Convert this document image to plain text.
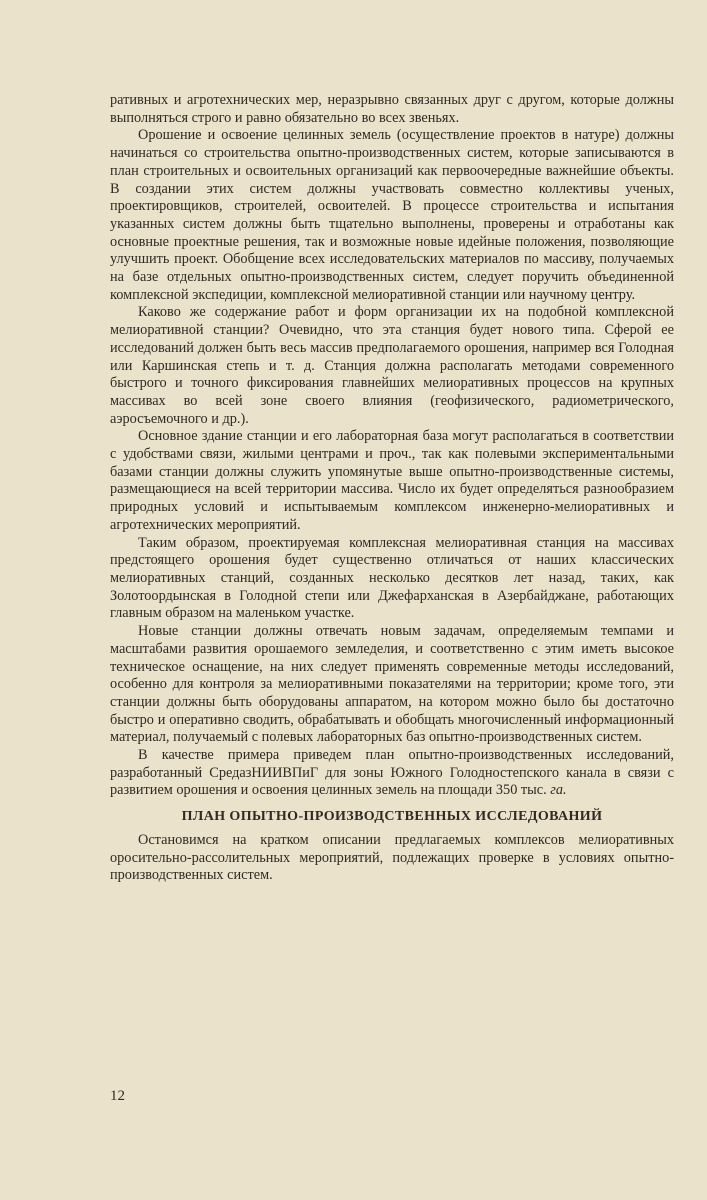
ративных и агротехнических мер, неразрывно связанных друг с другом, которые должны выполняться строго и равно обязательно во всех звеньях.

Орошение и освоение целинных земель (осуществление проектов в натуре) должны начинаться со строительства опытно-производственных систем, которые записываются в план строительных и освоительных организаций как первоочередные важнейшие объекты. В создании этих систем должны участвовать совместно коллективы ученых, проектировщиков, строителей, освоителей. В процессе строительства и испытания указанных систем должны быть тщательно выполнены, проверены и отработаны как основные проектные решения, так и возможные новые идейные положения, позволяющие улучшить проект. Обобщение всех исследовательских материалов по массиву, получаемых на базе отдельных опытно-производственных систем, следует поручить объединенной комплексной экспедиции, комплексной мелиоративной станции или научному центру.

Каково же содержание работ и форм организации их на подобной комплексной мелиоративной станции? Очевидно, что эта станция будет нового типа. Сферой ее исследований должен быть весь массив предполагаемого орошения, например вся Голодная или Каршинская степь и т. д. Станция должна располагать методами современного быстрого и точного фиксирования главнейших мелиоративных процессов на крупных массивах во всей зоне своего влияния (геофизического, радиометрического, аэросъемочного и др.).

Основное здание станции и его лабораторная база могут располагаться в соответствии с удобствами связи, жилыми центрами и проч., так как полевыми экспериментальными базами станции должны служить упомянутые выше опытно-производственные системы, размещающиеся на всей территории массива. Число их будет определяться разнообразием природных условий и испытываемым комплексом инженерно-мелиоративных и агротехнических мероприятий.

Таким образом, проектируемая комплексная мелиоративная станция на массивах предстоящего орошения будет существенно отличаться от наших классических мелиоративных станций, созданных несколько десятков лет назад, таких, как Золотоордынская в Голодной степи или Джефарханская в Азербайджане, работающих главным образом на маленьком участке.

Новые станции должны отвечать новым задачам, определяемым темпами и масштабами развития орошаемого земледелия, и соответственно с этим иметь высокое техническое оснащение, на них следует применять современные методы исследований, особенно для контроля за мелиоративными показателями на территории; кроме того, эти станции должны быть оборудованы аппаратом, на котором можно было бы достаточно быстро и оперативно сводить, обрабатывать и обобщать многочисленный информационный материал, получаемый с полевых лабораторных баз опытно-производственных систем.

В качестве примера приведем план опытно-производственных исследований, разработанный СредазНИИВПиГ для зоны Южного Голодностепского канала в связи с развитием орошения и освоения целинных земель на площади 350 тыс. га.

ПЛАН ОПЫТНО-ПРОИЗВОДСТВЕННЫХ ИССЛЕДОВАНИЙ

Остановимся на кратком описании предлагаемых комплексов мелиоративных оросительно-рассолительных мероприятий, подлежащих проверке в условиях опытно-производственных систем.

12
